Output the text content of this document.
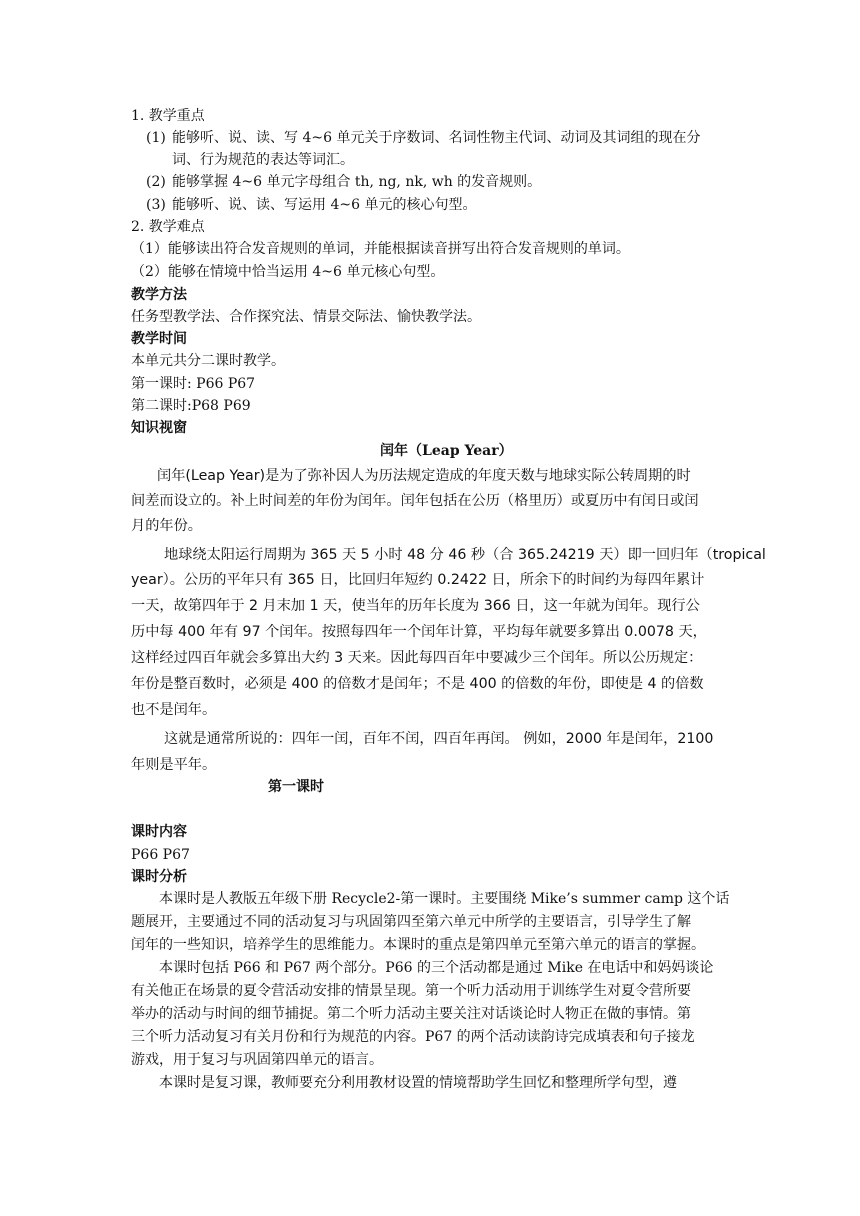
1. 教学重点
(1) 能够听、说、读、写 4~6 单元关于序数词、名词性物主代词、动词及其词组的现在分
词、行为规范的表达等词汇。
(2) 能够掌握 4~6 单元字母组合 th, ng, nk, wh 的发音规则。
(3) 能够听、说、读、写运用 4~6 单元的核心句型。
2. 教学难点
（1）能够读出符合发音规则的单词，并能根据读音拼写出符合发音规则的单词。
（2）能够在情境中恰当运用 4~6 单元核心句型。
教学方法
任务型教学法、合作探究法、情景交际法、愉快教学法。
教学时间
本单元共分二课时教学。
第一课时: P66 P67
第二课时:P68 P69
知识视窗
闰年（Leap Year）
闰年(Leap Year)是为了弥补因人为历法规定造成的年度天数与地球实际公转周期的时
间差而设立的。补上时间差的年份为闰年。闰年包括在公历（格里历）或夏历中有闰日或闰
月的年份。
地球绕太阳运行周期为 365 天 5 小时 48 分 46 秒（合 365.24219 天）即一回归年（tropical
year）。公历的平年只有 365 日，比回归年短约 0.2422 日，所余下的时间约为每四年累计
一天，故第四年于 2 月末加 1 天，使当年的历年长度为 366 日，这一年就为闰年。现行公
历中每 400 年有 97 个闰年。按照每四年一个闰年计算，平均每年就要多算出 0.0078 天，
这样经过四百年就会多算出大约 3 天来。因此每四百年中要减少三个闰年。所以公历规定：
年份是整百数时，必须是 400 的倍数才是闰年；不是 400 的倍数的年份，即使是 4 的倍数
也不是闰年。
这就是通常所说的：四年一闰，百年不闰，四百年再闰。 例如，2000 年是闰年，2100
年则是平年。
第一课时
课时内容
P66 P67
课时分析
本课时是人教版五年级下册 Recycle2-第一课时。主要围绕 Mike’s summer camp 这个话
题展开，主要通过不同的活动复习与巩固第四至第六单元中所学的主要语言，引导学生了解
闰年的一些知识，培养学生的思维能力。本课时的重点是第四单元至第六单元的语言的掌握。
本课时包括 P66 和 P67 两个部分。P66 的三个活动都是通过 Mike 在电话中和妈妈谈论
有关他正在场景的夏令营活动安排的情景呈现。第一个听力活动用于训练学生对夏令营所要
举办的活动与时间的细节捕捉。第二个听力活动主要关注对话谈论时人物正在做的事情。第
三个听力活动复习有关月份和行为规范的内容。P67 的两个活动读韵诗完成填表和句子接龙
游戏，用于复习与巩固第四单元的语言。
本课时是复习课，教师要充分利用教材设置的情境帮助学生回忆和整理所学句型，遵
